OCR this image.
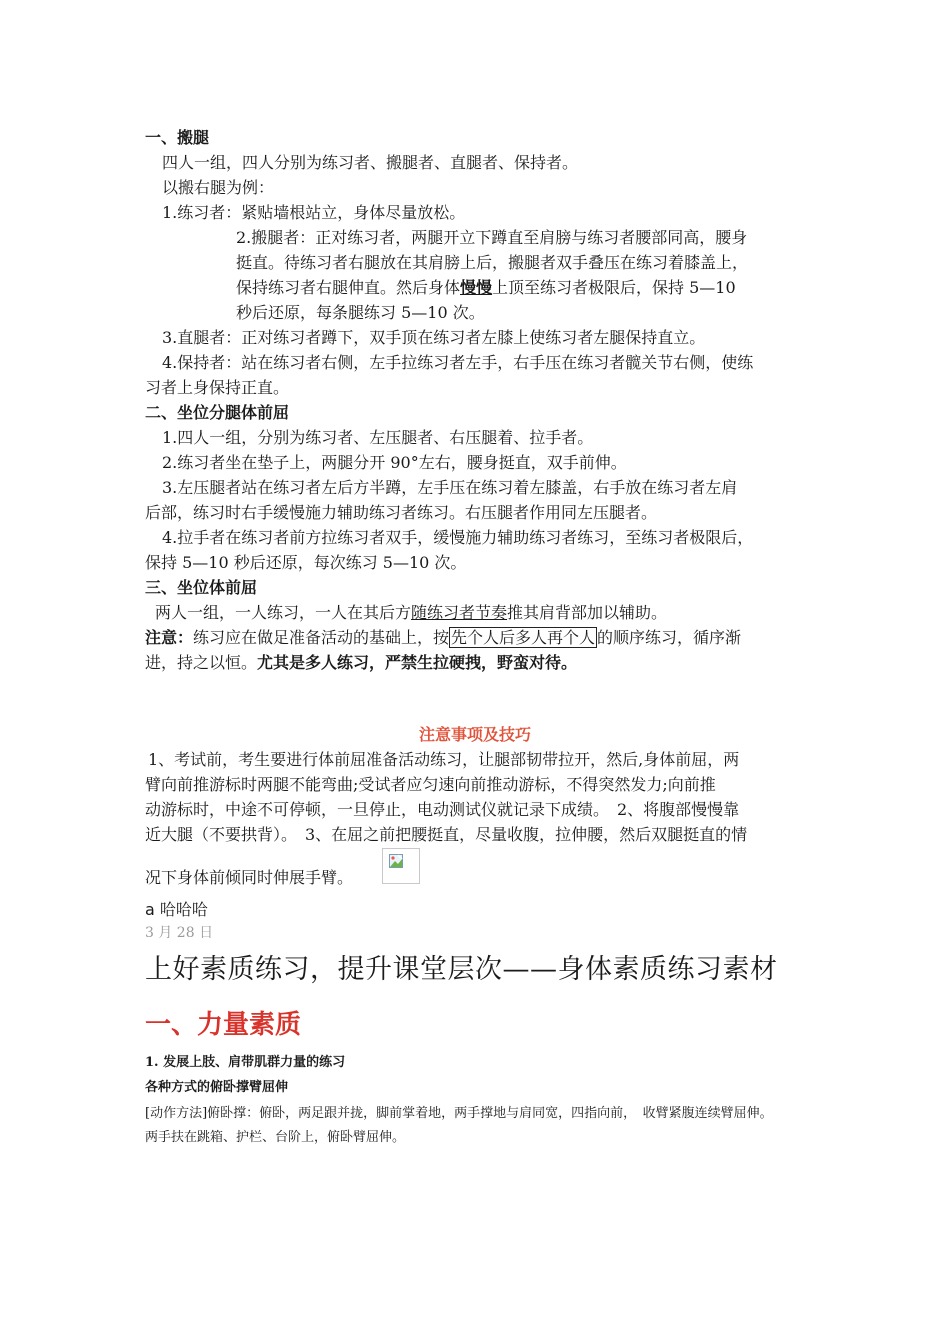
一、搬腿
四人一组，四人分别为练习者、搬腿者、直腿者、保持者。
以搬右腿为例：
1.练习者：紧贴墙根站立，身体尽量放松。
2.搬腿者：正对练习者，两腿开立下蹲直至肩膀与练习者腰部同高，腰身
挺直。待练习者右腿放在其肩膀上后，搬腿者双手叠压在练习着膝盖上，
保持练习者右腿伸直。然后身体慢慢上顶至练习者极限后，保持 5—10
秒后还原，每条腿练习 5—10 次。
3.直腿者：正对练习者蹲下，双手顶在练习者左膝上使练习者左腿保持直立。
4.保持者：站在练习者右侧，左手拉练习者左手，右手压在练习者髋关节右侧，使练
习者上身保持正直。
二、坐位分腿体前屈
1.四人一组，分别为练习者、左压腿者、右压腿着、拉手者。
2.练习者坐在垫子上，两腿分开 90°左右，腰身挺直，双手前伸。
3.左压腿者站在练习者左后方半蹲，左手压在练习着左膝盖，右手放在练习者左肩
后部，练习时右手缓慢施力辅助练习者练习。右压腿者作用同左压腿者。
4.拉手者在练习者前方拉练习者双手，缓慢施力辅助练习者练习，至练习者极限后，
保持 5—10 秒后还原，每次练习 5—10 次。
三、坐位体前屈
两人一组，一人练习，一人在其后方随练习者节奏推其肩背部加以辅助。
注意：练习应在做足准备活动的基础上，按 先个人后多人再个人 的顺序练习，循序渐
进，持之以恒。尤其是多人练习，严禁生拉硬拽，野蛮对待。
注意事项及技巧
1、考试前，考生要进行体前屈准备活动练习，让腿部韧带拉开，然后,身体前屈，两
臂向前推游标时两腿不能弯曲;受试者应匀速向前推动游标，不得突然发力;向前推
动游标时，中途不可停顿，一旦停止，电动测试仪就记录下成绩。　2、将腹部慢慢靠
近大腿（不要拱背）。　3、在屈之前把腰挺直，尽量收腹，拉伸腰，然后双腿挺直的情
况下身体前倾同时伸展手臂。
a 哈哈哈
3 月 28 日
上好素质练习，提升课堂层次——身体素质练习素材
一、力量素质
1. 发展上肢、肩带肌群力量的练习
各种方式的俯卧撑臂屈伸
[动作方法]俯卧撑：俯卧，两足跟并拢，脚前掌着地，两手撑地与肩同宽，四指向前，　收臂紧腹连续臂屈伸。
两手扶在跳箱、护栏、台阶上，俯卧臂屈伸。
